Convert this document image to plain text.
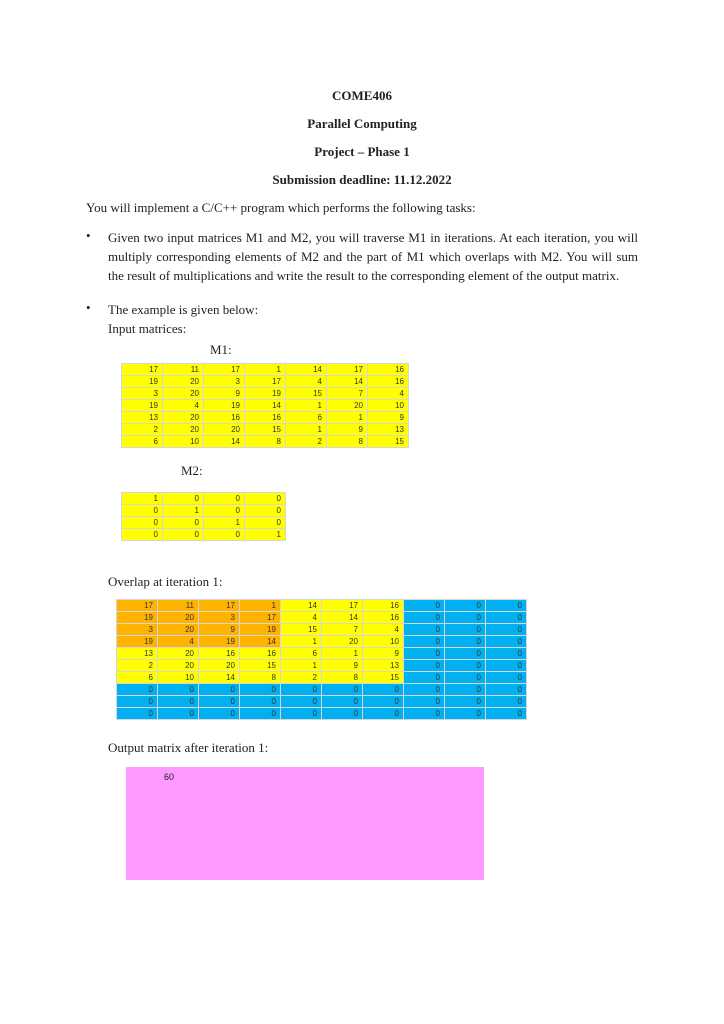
COME406
Parallel Computing
Project – Phase 1
Submission deadline: 11.12.2022
You will implement a C/C++ program which performs the following tasks:
• Given two input matrices M1 and M2, you will traverse M1 in iterations. At each iteration, you will multiply corresponding elements of M2 and the part of M1 which overlaps with M2. You will sum the result of multiplications and write the result to the corresponding element of the output matrix.
• The example is given below:
Input matrices:
M1:
17	11	17	1	14	17	16
19	20	3	17	4	14	16
3	20	9	19	15	7	4
19	4	19	14	1	20	10
13	20	16	16	6	1	9
2	20	20	15	1	9	13
6	10	14	8	2	8	15
M2:
1	0	0	0
0	1	0	0
0	0	1	0
0	0	0	1
Overlap at iteration 1:
17	11	17	1	14	17	16	0	0	0
19	20	3	17	4	14	16	0	0	0
3	20	9	19	15	7	4	0	0	0
19	4	19	14	1	20	10	0	0	0
13	20	16	16	6	1	9	0	0	0
2	20	20	15	1	9	13	0	0	0
6	10	14	8	2	8	15	0	0	0
0	0	0	0	0	0	0	0	0	0
0	0	0	0	0	0	0	0	0	0
0	0	0	0	0	0	0	0	0	0
Output matrix after iteration 1:
60
